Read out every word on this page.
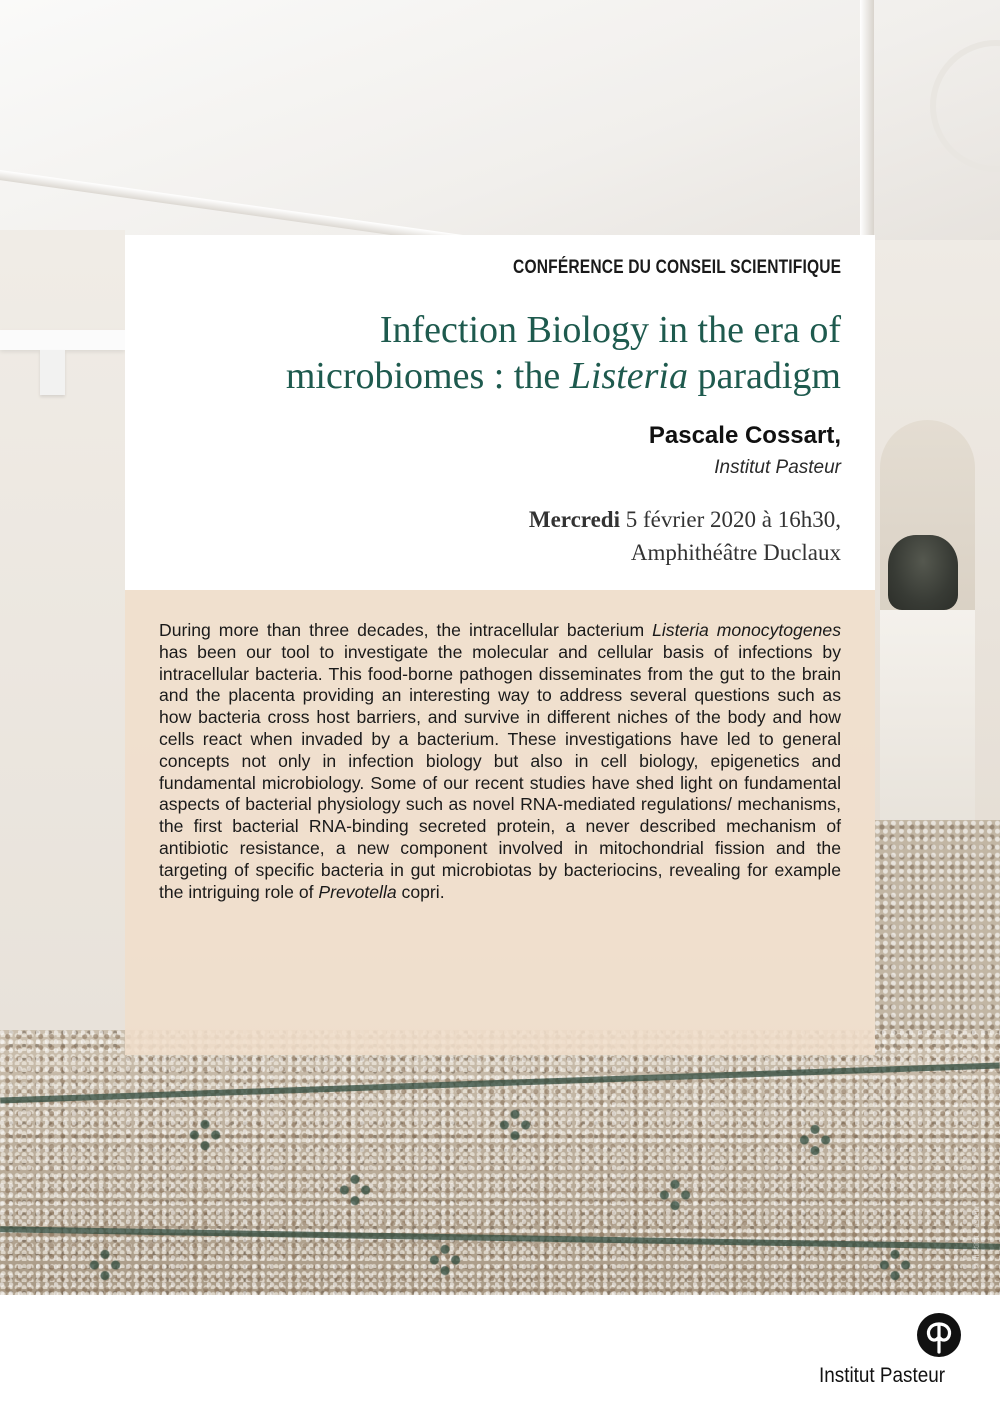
© Institut Pasteur
CONFÉRENCE DU CONSEIL SCIENTIFIQUE
Infection Biology in the era of microbiomes : the Listeria paradigm
Pascale Cossart,
Institut Pasteur
Mercredi 5 février 2020 à 16h30,
Amphithéâtre Duclaux

During more than three decades, the intracellular bacterium Listeria monocytogenes has been our tool to investigate the molecular and cellular basis of infections by intracellular bacteria. This food-borne pathogen disseminates from the gut to the brain and the placenta providing an interesting way to address several questions such as how bacteria cross host barriers, and survive in different niches of the body and how cells react when invaded by a bacterium. These investigations have led to general concepts not only in infection biology but also in cell biology, epigenetics and fundamental microbiology. Some of our recent studies have shed light on fundamental aspects of bacterial physiology such as novel RNA-mediated regulations/ mechanisms, the first bacterial RNA-binding secreted protein, a never described mechanism of antibiotic resistance, a new component involved in mitochondrial fission and the targeting of specific bacteria in gut microbiotas by bacteriocins, revealing for example the intriguing role of Prevotella copri.

Institut Pasteur
